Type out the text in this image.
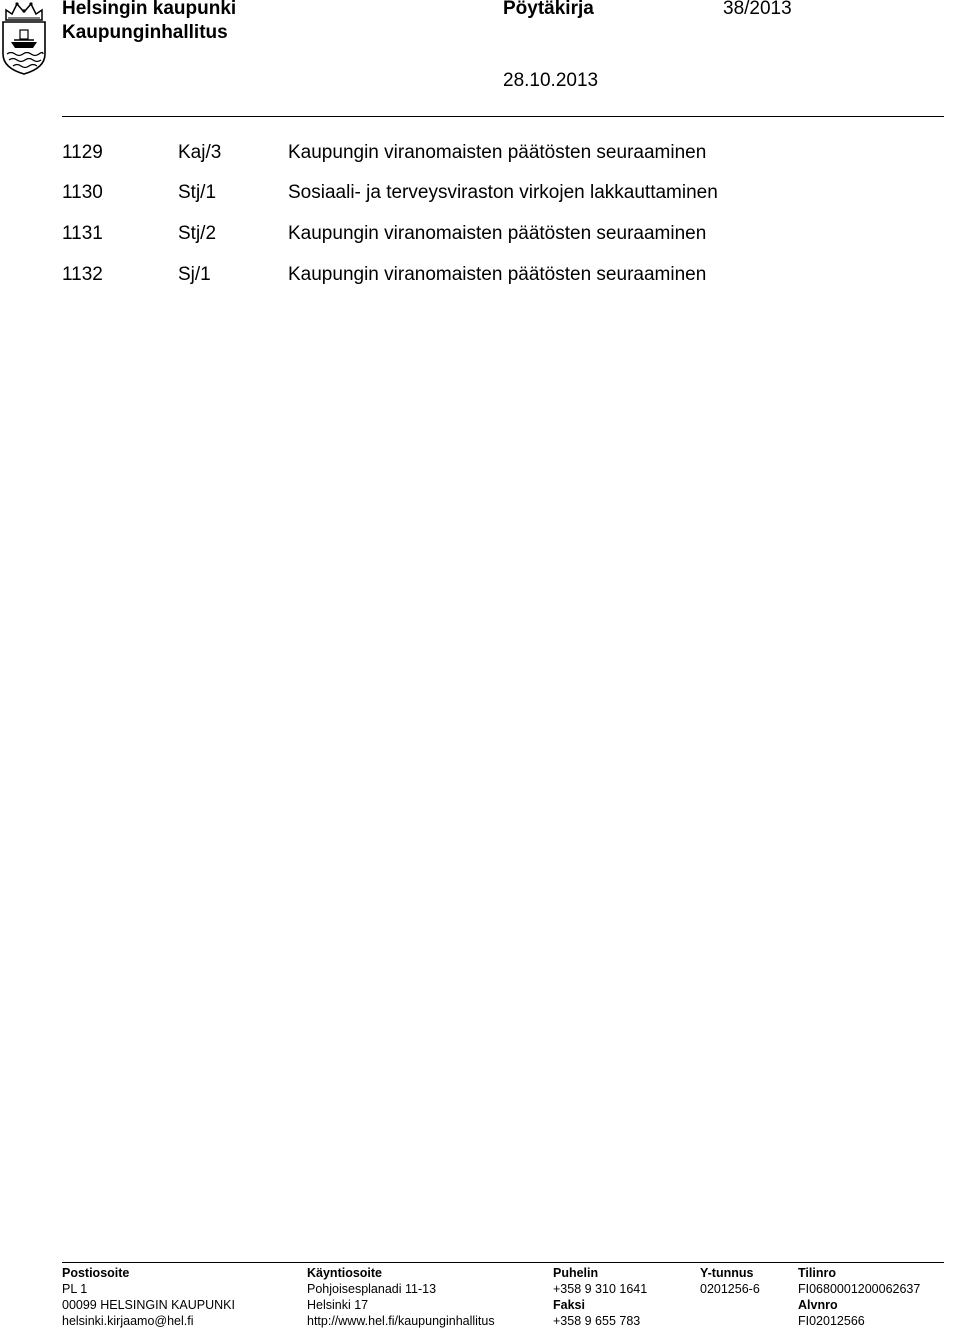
Helsingin kaupunki
Kaupunginhallitus
Pöytäkirja	38/2013
28.10.2013
1129	Kaj/3	Kaupungin viranomaisten päätösten seuraaminen
1130	Stj/1	Sosiaali- ja terveysviraston virkojen lakkauttaminen
1131	Stj/2	Kaupungin viranomaisten päätösten seuraaminen
1132	Sj/1	Kaupungin viranomaisten päätösten seuraaminen
Postiosoite
PL 1
00099 HELSINGIN KAUPUNKI
helsinki.kirjaamo@hel.fi
Käyntiosoite
Pohjoisesplanadi 11-13
Helsinki 17
http://www.hel.fi/kaupunginhallitus
Puhelin
+358 9 310 1641
Faksi
+358 9 655 783
Y-tunnus
0201256-6
Tilinro
FI0680001200062637
Alvnro
FI02012566
